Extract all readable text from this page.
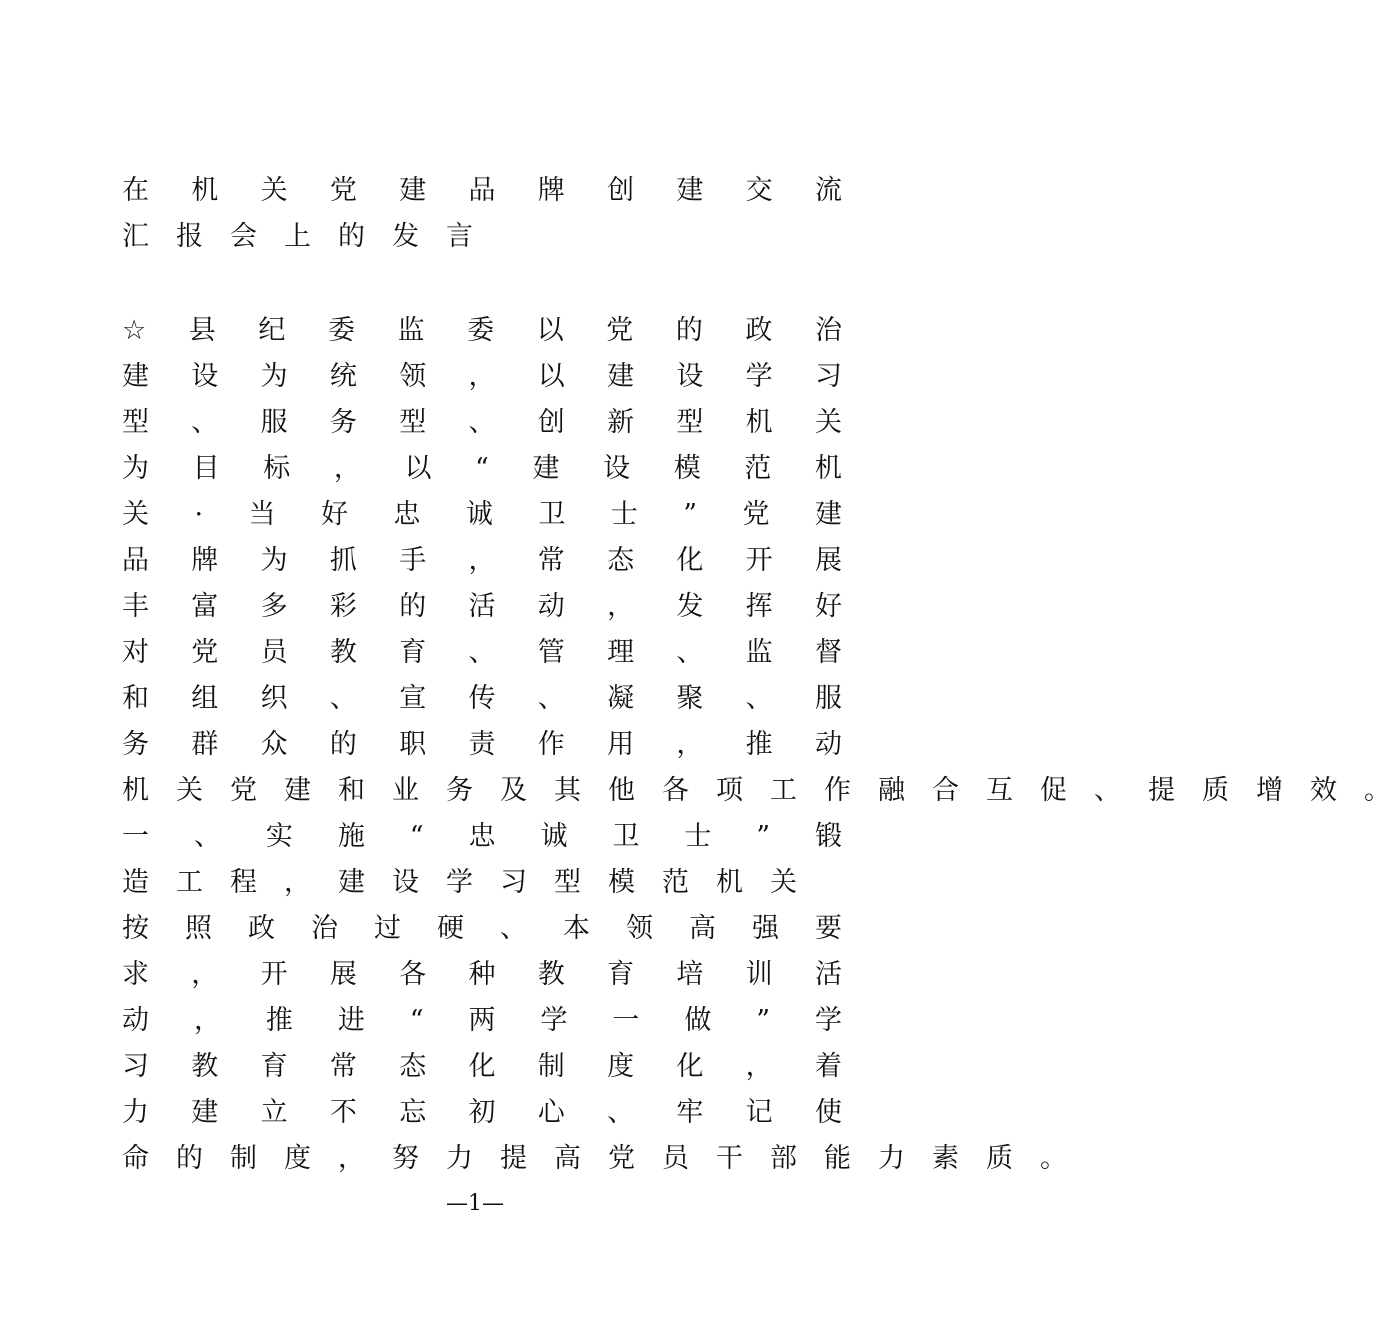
在 机 关 党 建 品 牌 创 建 交 流
汇 报 会 上 的 发 言
☆ 县 纪 委 监 委 以 党 的 政 治
建 设 为 统 领 ， 以 建 设 学 习
型 、 服 务 型 、 创 新 型 机 关
为 目 标 ， 以 “ 建 设 模 范 机
关 · 当 好 忠 诚 卫 士 ” 党 建
品 牌 为 抓 手 ， 常 态 化 开 展
丰 富 多 彩 的 活 动 ， 发 挥 好
对 党 员 教 育 、 管 理 、 监 督
和 组 织 、 宣 传 、 凝 聚 、 服
务 群 众 的 职 责 作 用 ， 推 动
机 关 党 建 和 业 务 及 其 他 各 项 工 作 融 合 互 促 、 提 质 增 效 。
一 、 实 施 “ 忠 诚 卫 士 ” 锻
造 工 程 ， 建 设 学 习 型 模 范 机 关
按 照 政 治 过 硬 、 本 领 高 强 要
求 ， 开 展 各 种 教 育 培 训 活
动 ， 推 进 “ 两 学 一 做 ” 学
习 教 育 常 态 化 制 度 化 ， 着
力 建 立 不 忘 初 心 、 牢 记 使
命 的 制 度 ， 努 力 提 高 党 员 干 部 能 力 素 质 。
—1—
